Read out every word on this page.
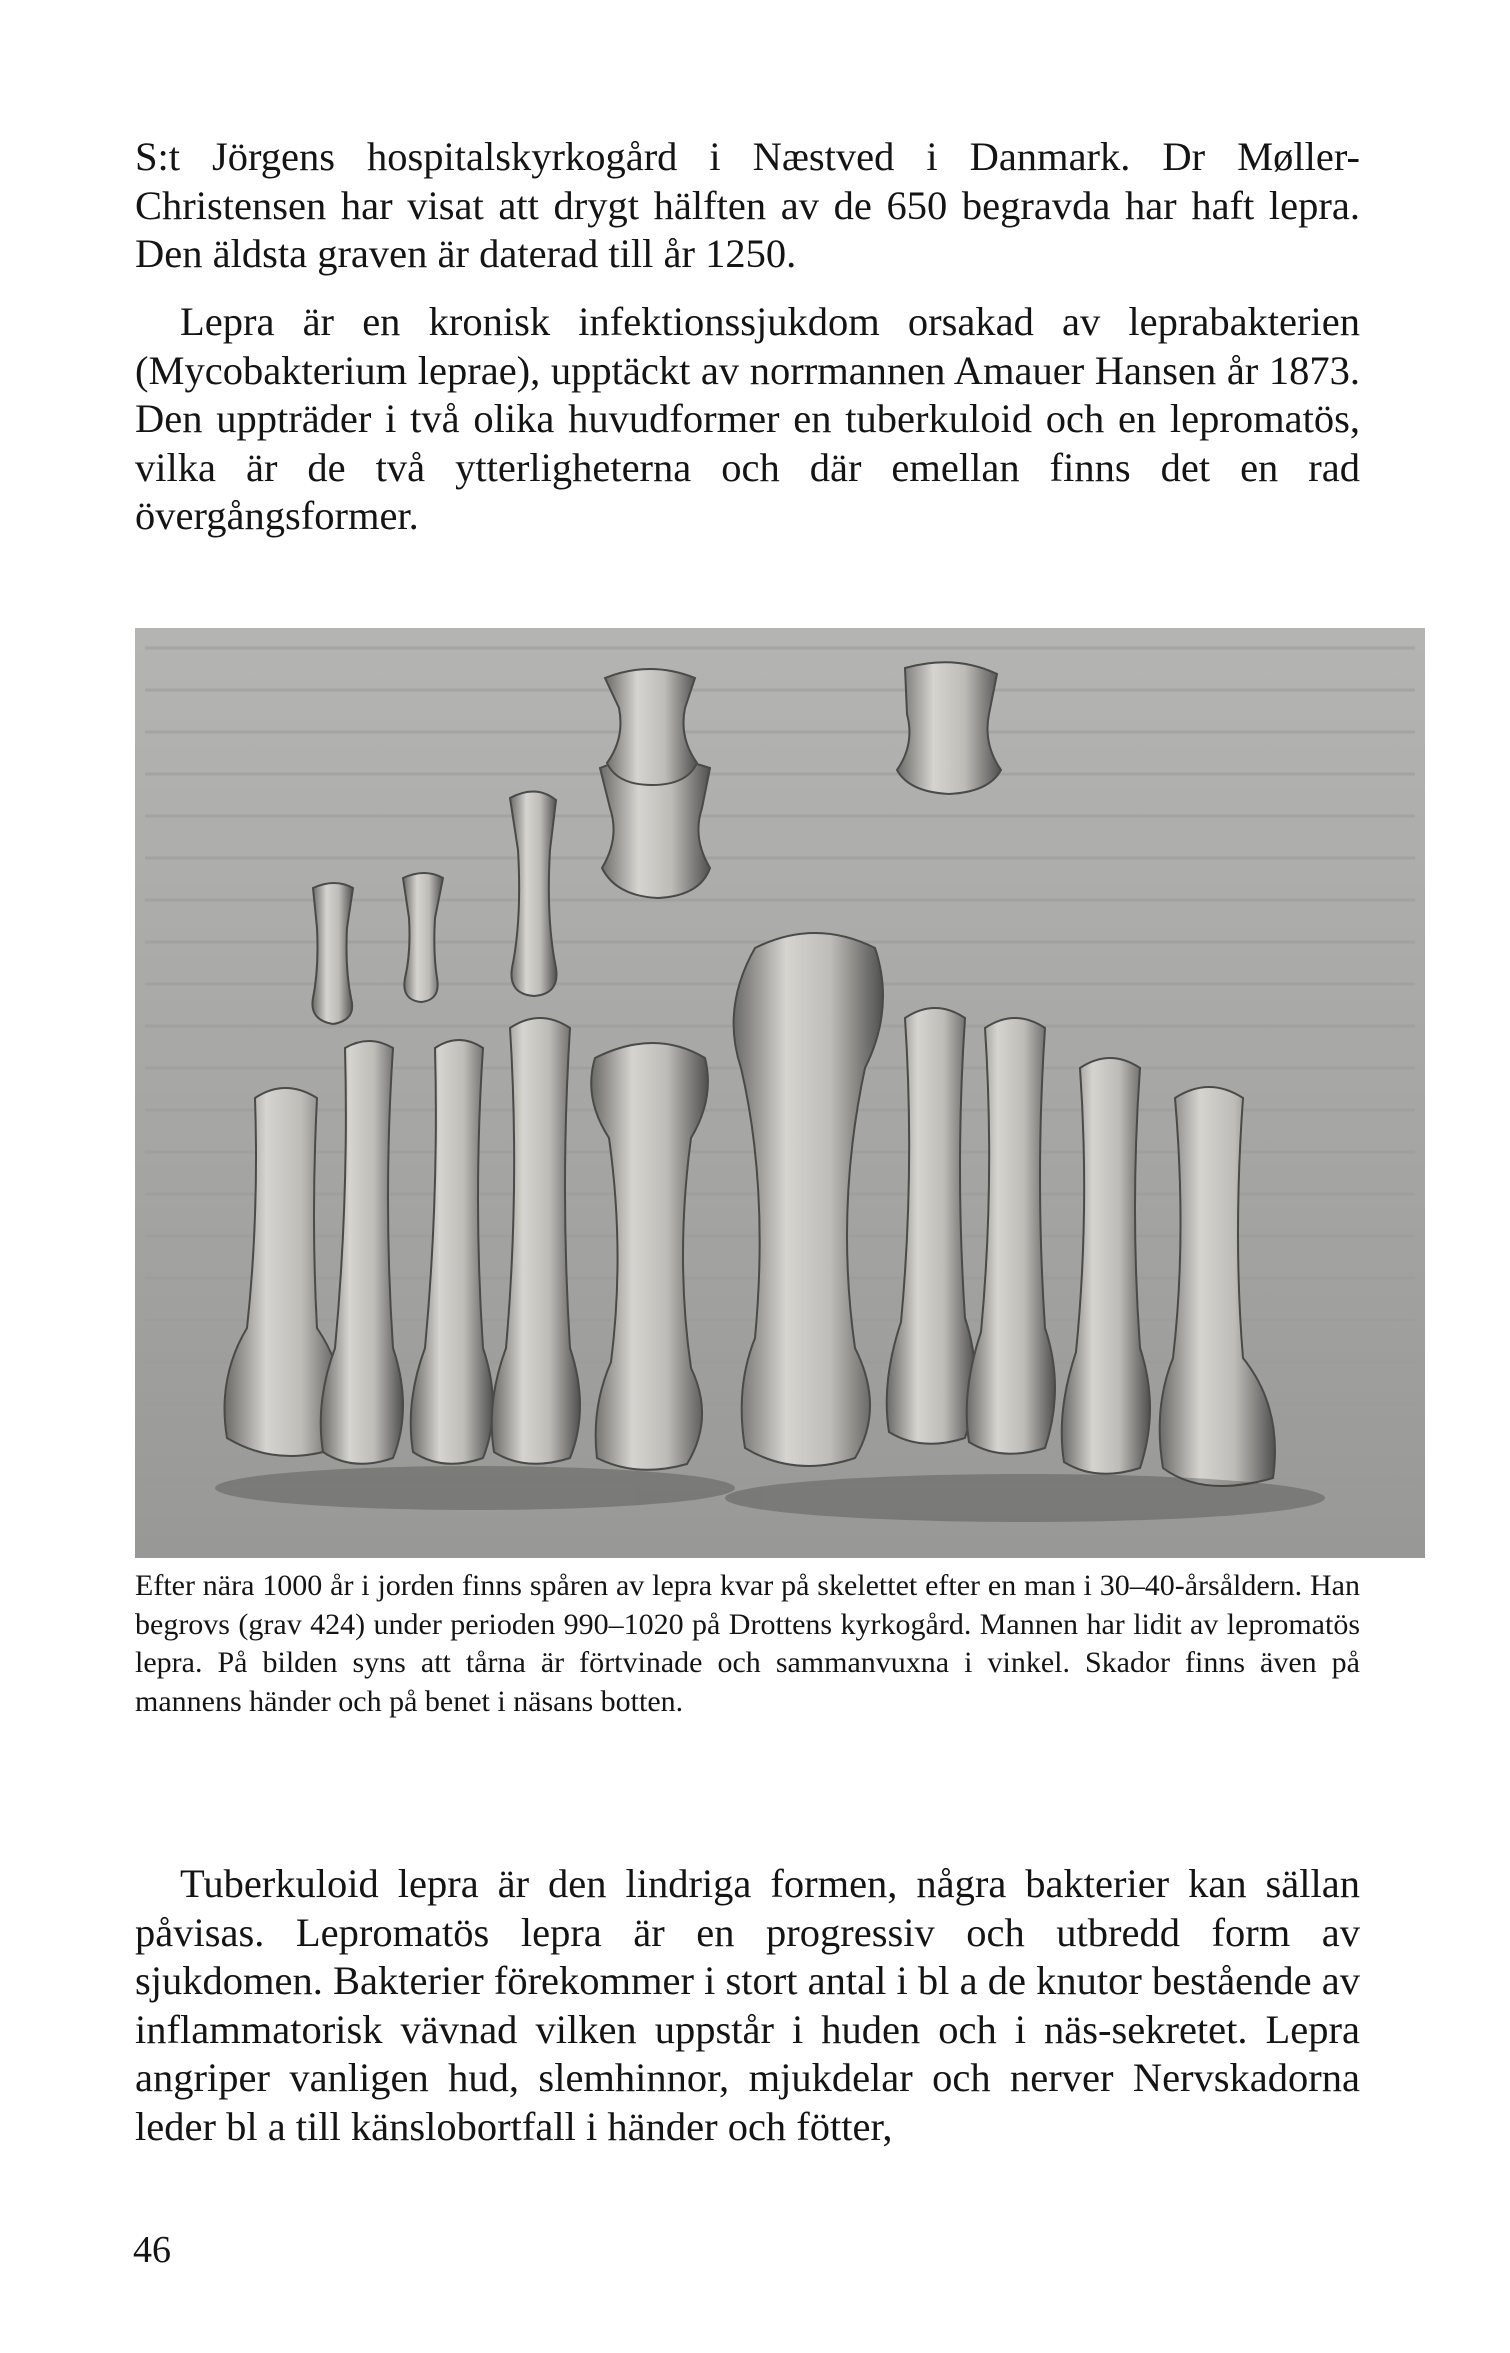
S:t Jörgens hospitalskyrkogård i Næstved i Danmark. Dr Møller-Christensen har visat att drygt hälften av de 650 begravda har haft lepra. Den äldsta graven är daterad till år 1250.

Lepra är en kronisk infektionssjukdom orsakad av leprabakterien (Mycobakterium leprae), upptäckt av norrmannen Amauer Hansen år 1873. Den uppträder i två olika huvudformer en tuberkuloid och en lepromatös, vilka är de två ytterligheterna och där emellan finns det en rad övergångsformer.

Efter nära 1000 år i jorden finns spåren av lepra kvar på skelettet efter en man i 30–40-årsåldern. Han begrovs (grav 424) under perioden 990–1020 på Drottens kyrkogård. Mannen har lidit av lepromatös lepra. På bilden syns att tårna är förtvinade och sammanvuxna i vinkel. Skador finns även på mannens händer och på benet i näsans botten.

Tuberkuloid lepra är den lindriga formen, några bakterier kan sällan påvisas. Lepromatös lepra är en progressiv och utbredd form av sjukdomen. Bakterier förekommer i stort antal i bl a de knutor bestående av inflammatorisk vävnad vilken uppstår i huden och i näs-sekretet. Lepra angriper vanligen hud, slemhinnor, mjukdelar och nerver Nervskadorna leder bl a till känslobortfall i händer och fötter,

46
